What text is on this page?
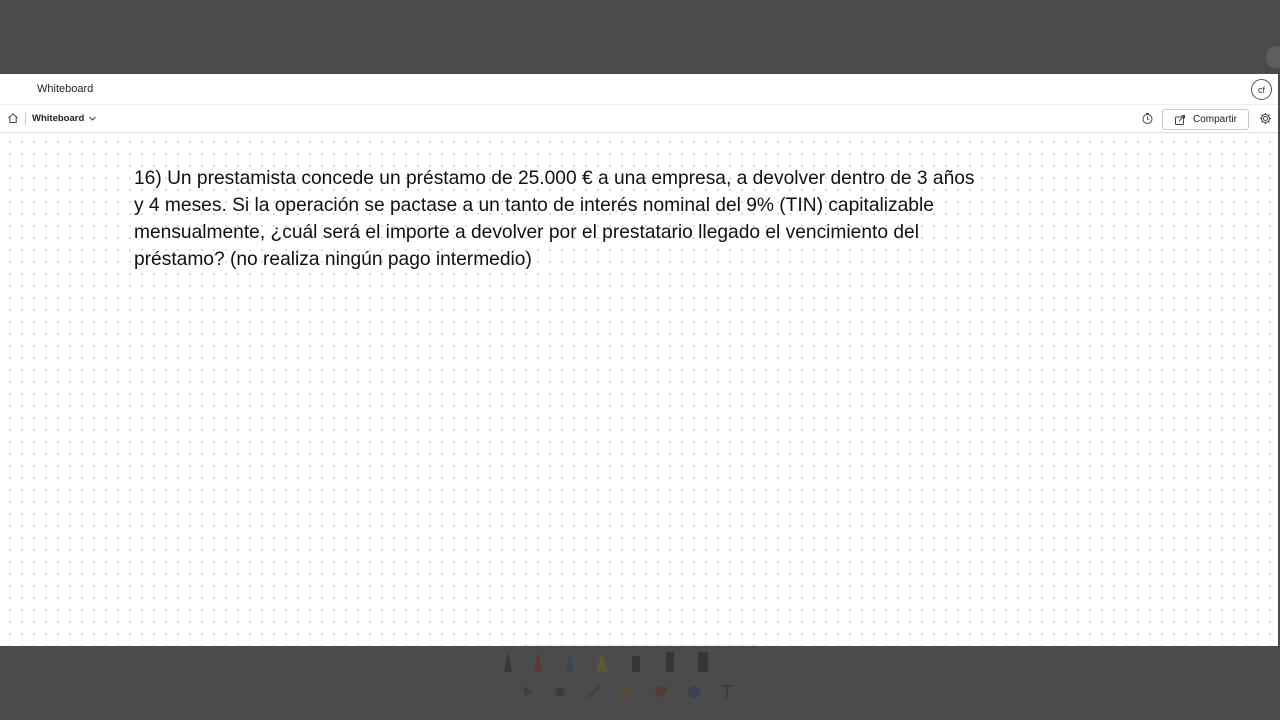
Whiteboard	cf
Whiteboard	Compartir
16) Un prestamista concede un préstamo de 25.000 € a una empresa, a devolver dentro de 3 años y 4 meses. Si la operación se pactase a un tanto de interés nominal del 9% (TIN) capitalizable mensualmente, ¿cuál será el importe a devolver por el prestatario llegado el vencimiento del préstamo? (no realiza ningún pago intermedio)
